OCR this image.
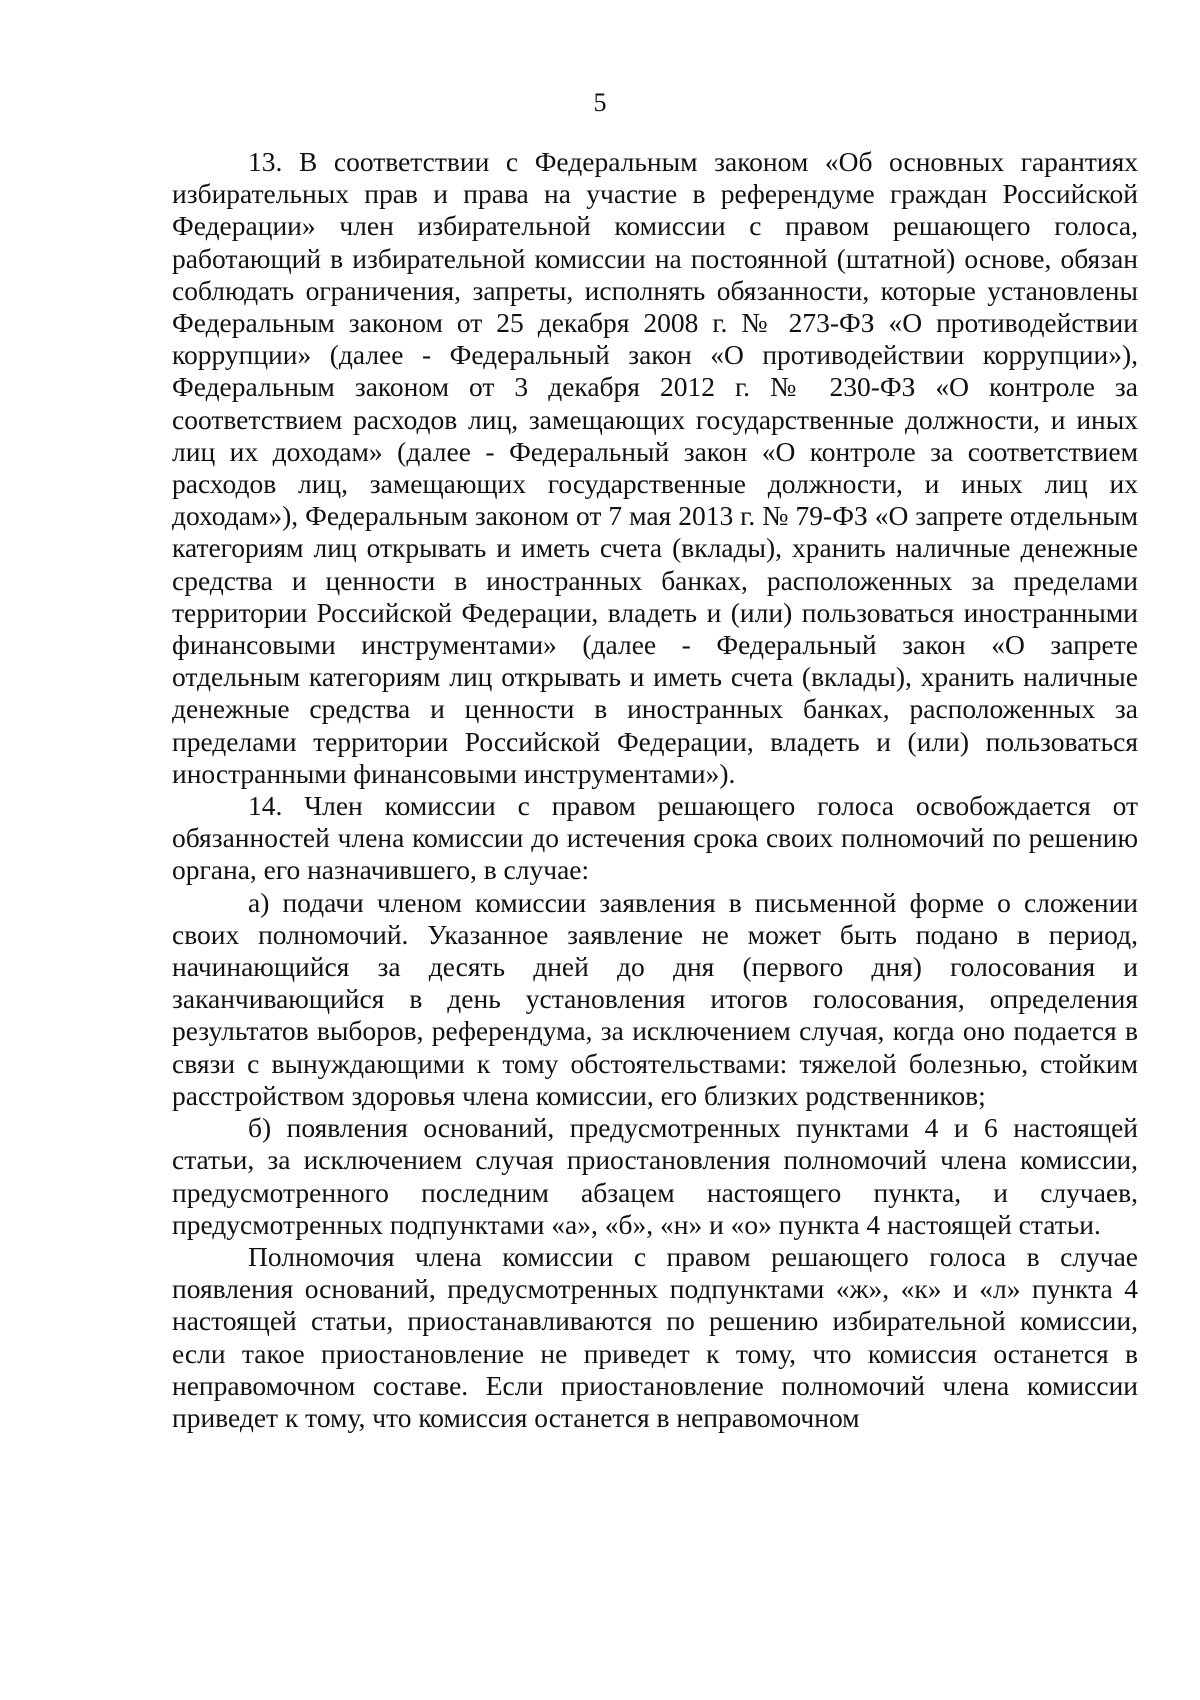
5

13. В соответствии с Федеральным законом «Об основных гарантиях избирательных прав и права на участие в референдуме граждан Российской Федерации» член избирательной комиссии с правом решающего голоса, работающий в избирательной комиссии на постоянной (штатной) основе, обязан соблюдать ограничения, запреты, исполнять обязанности, которые установлены Федеральным законом от 25 декабря 2008 г. № 273-ФЗ «О противодействии коррупции» (далее - Федеральный закон «О противодействии коррупции»), Федеральным законом от 3 декабря 2012 г. № 230-ФЗ «О контроле за соответствием расходов лиц, замещающих государственные должности, и иных лиц их доходам» (далее - Федеральный закон «О контроле за соответствием расходов лиц, замещающих государственные должности, и иных лиц их доходам»), Федеральным законом от 7 мая 2013 г. № 79-ФЗ «О запрете отдельным категориям лиц открывать и иметь счета (вклады), хранить наличные денежные средства и ценности в иностранных банках, расположенных за пределами территории Российской Федерации, владеть и (или) пользоваться иностранными финансовыми инструментами» (далее - Федеральный закон «О запрете отдельным категориям лиц открывать и иметь счета (вклады), хранить наличные денежные средства и ценности в иностранных банках, расположенных за пределами территории Российской Федерации, владеть и (или) пользоваться иностранными финансовыми инструментами»).

14. Член комиссии с правом решающего голоса освобождается от обязанностей члена комиссии до истечения срока своих полномочий по решению органа, его назначившего, в случае:

а) подачи членом комиссии заявления в письменной форме о сложении своих полномочий. Указанное заявление не может быть подано в период, начинающийся за десять дней до дня (первого дня) голосования и заканчивающийся в день установления итогов голосования, определения результатов выборов, референдума, за исключением случая, когда оно подается в связи с вынуждающими к тому обстоятельствами: тяжелой болезнью, стойким расстройством здоровья члена комиссии, его близких родственников;

б) появления оснований, предусмотренных пунктами 4 и 6 настоящей статьи, за исключением случая приостановления полномочий члена комиссии, предусмотренного последним абзацем настоящего пункта, и случаев, предусмотренных подпунктами «а», «б», «н» и «о» пункта 4 настоящей статьи.

Полномочия члена комиссии с правом решающего голоса в случае появления оснований, предусмотренных подпунктами «ж», «к» и «л» пункта 4 настоящей статьи, приостанавливаются по решению избирательной комиссии, если такое приостановление не приведет к тому, что комиссия останется в неправомочном составе. Если приостановление полномочий члена комиссии приведет к тому, что комиссия останется в неправомочном
